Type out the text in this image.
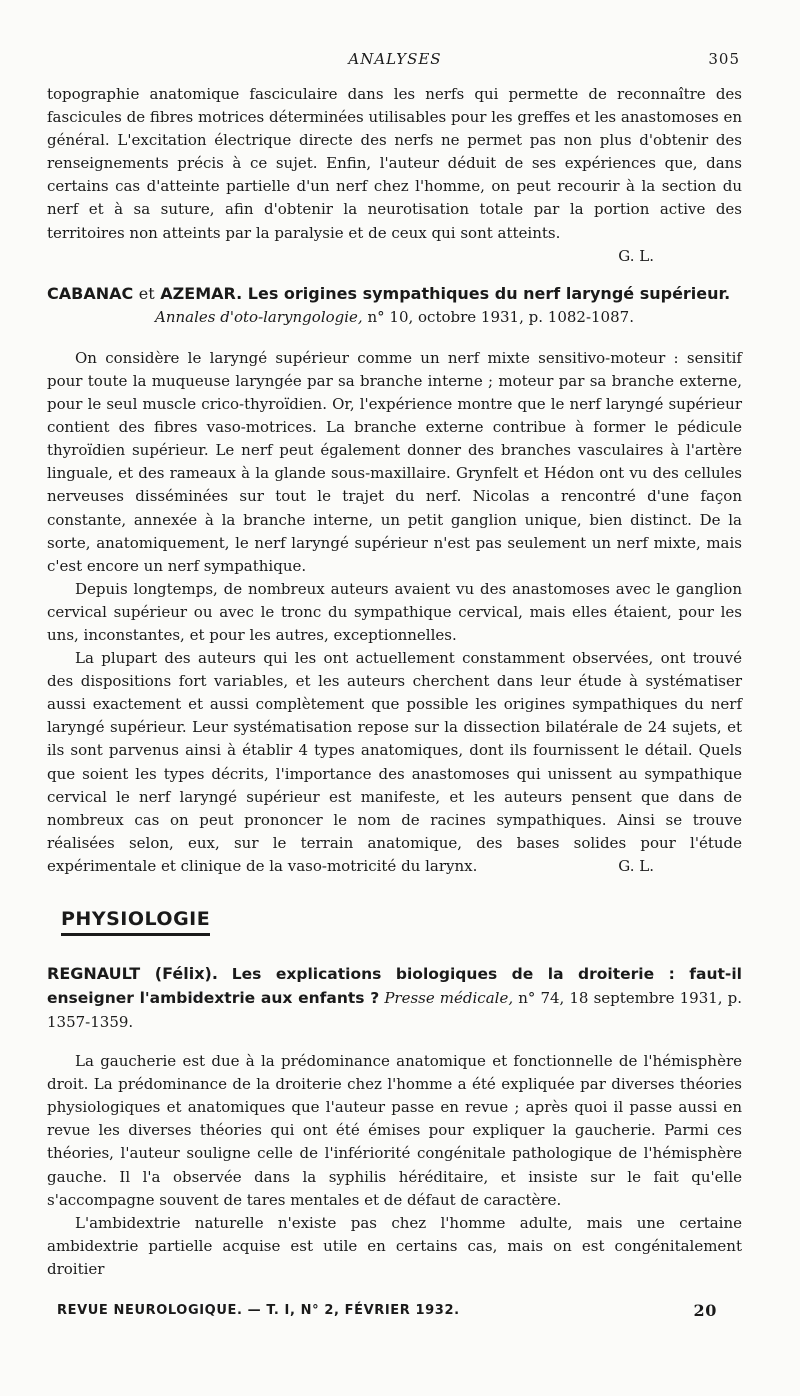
ANALYSES	305

topographie anatomique fasciculaire dans les nerfs qui permette de reconnaître des fascicules de fibres motrices déterminées utilisables pour les greffes et les anastomoses en général. L'excitation électrique directe des nerfs ne permet pas non plus d'obtenir des renseignements précis à ce sujet. Enfin, l'auteur déduit de ses expériences que, dans certains cas d'atteinte partielle d'un nerf chez l'homme, on peut recourir à la section du nerf et à sa suture, afin d'obtenir la neurotisation totale par la portion active des territoires non atteints par la paralysie et de ceux qui sont atteints.

G. L.

CABANAC et AZEMAR. Les origines sympathiques du nerf laryngé supérieur.
Annales d'oto-laryngologie, n° 10, octobre 1931, p. 1082-1087.

On considère le laryngé supérieur comme un nerf mixte sensitivo-moteur : sensitif pour toute la muqueuse laryngée par sa branche interne ; moteur par sa branche externe, pour le seul muscle crico-thyroïdien. Or, l'expérience montre que le nerf laryngé supérieur contient des fibres vaso-motrices. La branche externe contribue à former le pédicule thyroïdien supérieur. Le nerf peut également donner des branches vasculaires à l'artère linguale, et des rameaux à la glande sous-maxillaire. Grynfelt et Hédon ont vu des cellules nerveuses disséminées sur tout le trajet du nerf. Nicolas a rencontré d'une façon constante, annexée à la branche interne, un petit ganglion unique, bien distinct. De la sorte, anatomiquement, le nerf laryngé supérieur n'est pas seulement un nerf mixte, mais c'est encore un nerf sympathique.

Depuis longtemps, de nombreux auteurs avaient vu des anastomoses avec le ganglion cervical supérieur ou avec le tronc du sympathique cervical, mais elles étaient, pour les uns, inconstantes, et pour les autres, exceptionnelles.

La plupart des auteurs qui les ont actuellement constamment observées, ont trouvé des dispositions fort variables, et les auteurs cherchent dans leur étude à systématiser aussi exactement et aussi complètement que possible les origines sympathiques du nerf laryngé supérieur. Leur systématisation repose sur la dissection bilatérale de 24 sujets, et ils sont parvenus ainsi à établir 4 types anatomiques, dont ils fournissent le détail. Quels que soient les types décrits, l'importance des anastomoses qui unissent au sympathique cervical le nerf laryngé supérieur est manifeste, et les auteurs pensent que dans de nombreux cas on peut prononcer le nom de racines sympathiques. Ainsi se trouve réalisées selon, eux, sur le terrain anatomique, des bases solides pour l'étude expérimentale et clinique de la vaso-motricité du larynx.	G. L.

PHYSIOLOGIE
REGNAULT (Félix). Les explications biologiques de la droiterie : faut-il enseigner l'ambidextrie aux enfants ? Presse médicale, n° 74, 18 septembre 1931, p. 1357-1359.

La gaucherie est due à la prédominance anatomique et fonctionnelle de l'hémisphère droit. La prédominance de la droiterie chez l'homme a été expliquée par diverses théories physiologiques et anatomiques que l'auteur passe en revue ; après quoi il passe aussi en revue les diverses théories qui ont été émises pour expliquer la gaucherie. Parmi ces théories, l'auteur souligne celle de l'infériorité congénitale pathologique de l'hémisphère gauche. Il l'a observée dans la syphilis héréditaire, et insiste sur le fait qu'elle s'accompagne souvent de tares mentales et de défaut de caractère.

L'ambidextrie naturelle n'existe pas chez l'homme adulte, mais une certaine ambidextrie partielle acquise est utile en certains cas, mais on est congénitalement droitier

REVUE NEUROLOGIQUE. — T. I, N° 2, FÉVRIER 1932.	20
